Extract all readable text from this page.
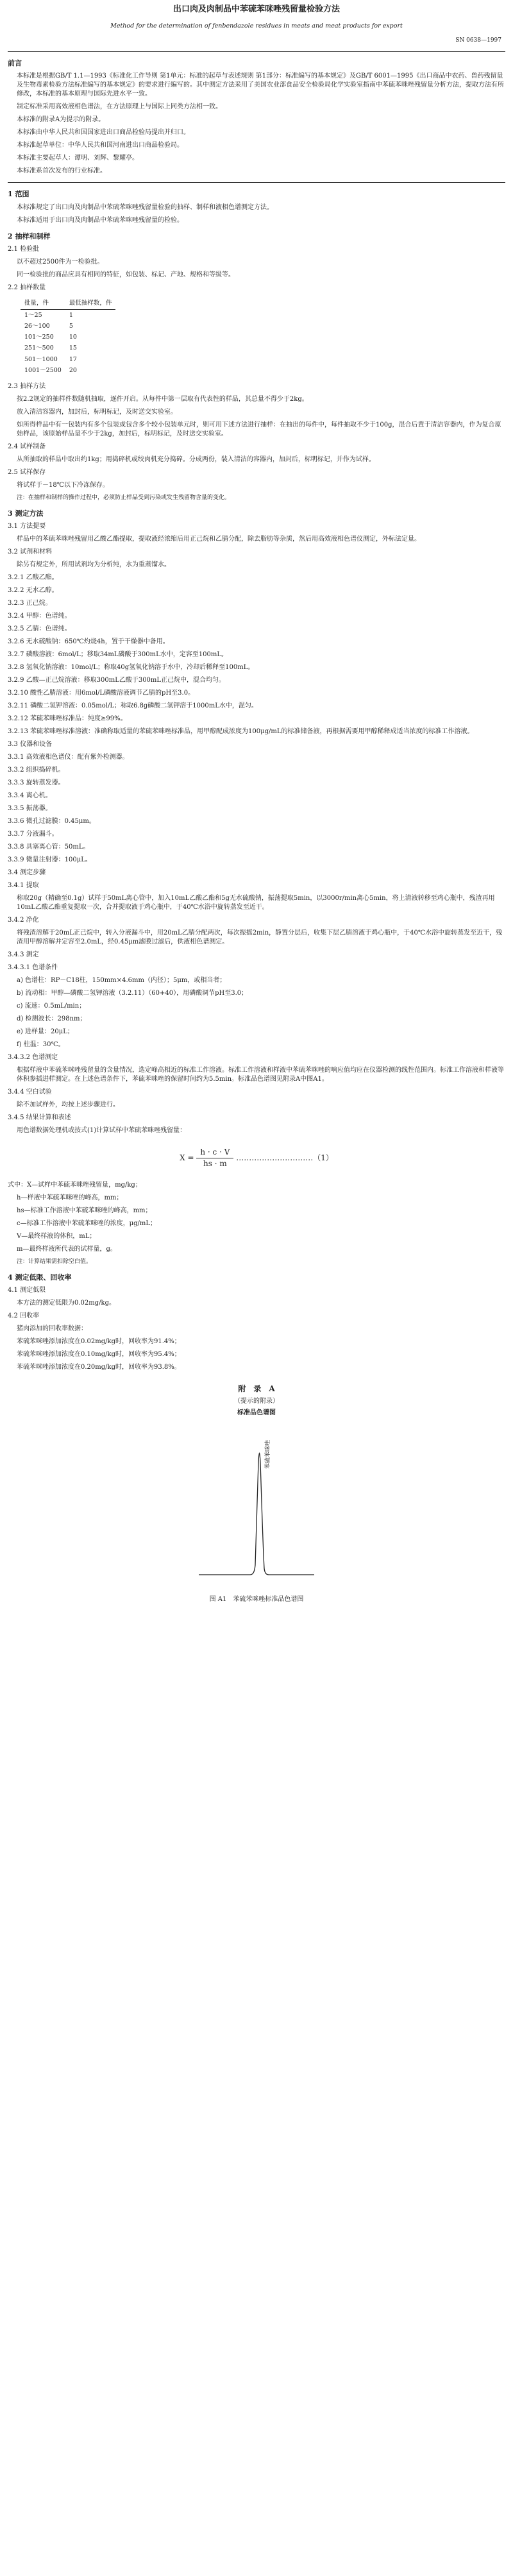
出口肉及肉制品中苯硫苯咪唑残留量检验方法
Method for the determination of fenbendazole residues in meats and meat products for export
SN 0638—1997
前言
本标准是根据GB/T 1.1—1993《标准化工作导则 第1单元：标准的起草与表述规则 第1部分：标准编写的基本规定》及GB/T 6001—1995《出口商品中农药、兽药残留量及生物毒素检验方法标准编写的基本规定》的要求进行编写的。其中测定方法采用了美国农业部食品安全检验局化学实验室指南中苯硫苯咪唑残留量分析方法，提取方法有所修改，本标准的基本原理与国际先进水平一致。
制定标准采用高效液相色谱法，在方法原理上与国际上同类方法相一致。
本标准的附录A为提示的附录。
本标准由中华人民共和国国家进出口商品检验局提出并归口。
本标准起草单位：中华人民共和国河南进出口商品检验局。
本标准主要起草人：谭明、刘辉、黎耀亭。
本标准系首次发布的行业标准。
1 范围
本标准规定了出口肉及肉制品中苯硫苯咪唑残留量检验的抽样、制样和液相色谱测定方法。
本标准适用于出口肉及肉制品中苯硫苯咪唑残留量的检验。
2 抽样和制样
2.1 检验批
以不超过2500件为一检验批。
同一检验批的商品应具有相同的特征，如包装、标记、产地、规格和等级等。
2.2 抽样数量
批量，件	最低抽样数，件
1～25	1
26～100	5
101～250	10
251～500	15
501～1000	17
1001～2500	20
2.3 抽样方法
按2.2规定的抽样件数随机抽取，逐件开启。从每件中第一层取有代表性的样品，其总量不得少于2kg。
放入清洁容器内，加封后，标明标记，及时送交实验室。
如所得样品中有一包装内有多个包装或包含多个较小包装单元时，则可用下述方法进行抽样：在抽出的每件中，每件抽取不少于100g，混合后置于清洁容器内，作为复合原始样品，该原始样品量不少于2kg，加封后，标明标记，及时送交实验室。
2.4 试样制备
从所抽取的样品中取出约1kg；用捣碎机或绞肉机充分捣碎。分成两份，装入清洁的容器内，加封后，标明标记，并作为试样。
2.5 试样保存
将试样于－18℃以下冷冻保存。
注：在抽样和制样的操作过程中，必须防止样品受到污染或发生残留物含量的变化。
3 测定方法
3.1 方法提要
样品中的苯硫苯咪唑残留用乙酸乙酯提取，提取液经浓缩后用正己烷和乙腈分配，除去脂肪等杂质，然后用高效液相色谱仪测定，外标法定量。
3.2 试剂和材料
除另有规定外，所用试剂均为分析纯，水为重蒸馏水。
3.2.1 乙酸乙酯。
3.2.2 无水乙醇。
3.2.3 正己烷。
3.2.4 甲醇：色谱纯。
3.2.5 乙腈：色谱纯。
3.2.6 无水硫酸钠：650℃灼烧4h，置于干燥器中备用。
3.2.7 磷酸溶液：6mol/L；移取34mL磷酸于300mL水中，定容至100mL。
3.2.8 氢氧化钠溶液：10mol/L；称取40g氢氧化钠溶于水中，冷却后稀释至100mL。
3.2.9 乙酸—正己烷溶液：移取300mL乙酸于300mL正己烷中，混合均匀。
3.2.10 酸性乙腈溶液：用6mol/L磷酸溶液调节乙腈的pH至3.0。
3.2.11 磷酸二氢钾溶液：0.05mol/L；称取6.8g磷酸二氢钾溶于1000mL水中，混匀。
3.2.12 苯硫苯咪唑标准品：纯度≥99%。
3.2.13 苯硫苯咪唑标准溶液：准确称取适量的苯硫苯咪唑标准品，用甲醇配成浓度为100μg/mL的标准储备液，再根据需要用甲醇稀释成适当浓度的标准工作溶液。
3.3 仪器和设备
3.3.1 高效液相色谱仪：配有紫外检测器。
3.3.2 组织捣碎机。
3.3.3 旋转蒸发器。
3.3.4 离心机。
3.3.5 振荡器。
3.3.6 微孔过滤膜：0.45μm。
3.3.7 分液漏斗。
3.3.8 具塞离心管：50mL。
3.3.9 微量注射器：100μL。
3.4 测定步骤
3.4.1 提取
称取20g（精确至0.1g）试样于50mL离心管中，加入10mL乙酸乙酯和5g无水硫酸钠，振荡提取5min，以3000r/min离心5min，将上清液转移至鸡心瓶中，残渣再用10mL乙酸乙酯重复提取一次，合并提取液于鸡心瓶中，于40℃水浴中旋转蒸发至近干。
3.4.2 净化
将残渣溶解于20mL正己烷中，转入分液漏斗中，用20mL乙腈分配两次，每次振摇2min，静置分层后，收集下层乙腈溶液于鸡心瓶中，于40℃水浴中旋转蒸发至近干，残渣用甲醇溶解并定容至2.0mL，经0.45μm滤膜过滤后，供液相色谱测定。
3.4.3 测定
3.4.3.1 色谱条件
a) 色谱柱：RP－C18柱，150mm×4.6mm（内径）；5μm，或相当者；
b) 流动相：甲醇—磷酸二氢钾溶液（3.2.11）（60+40），用磷酸调节pH至3.0；
c) 流速：0.5mL/min；
d) 检测波长：298nm；
e) 进样量：20μL；
f) 柱温：30℃。
3.4.3.2 色谱测定
根据样液中苯硫苯咪唑残留量的含量情况，选定峰高相近的标准工作溶液。标准工作溶液和样液中苯硫苯咪唑的响应值均应在仪器检测的线性范围内。标准工作溶液和样液等体积参插进样测定。在上述色谱条件下，苯硫苯咪唑的保留时间约为5.5min。标准品色谱图见附录A中图A1。
3.4.4 空白试验
除不加试样外，均按上述步骤进行。
3.4.5 结果计算和表述
用色谱数据处理机或按式(1)计算试样中苯硫苯咪唑残留量：
$X = \frac{h \cdot c \cdot V}{hs \cdot m}$ …………………………（1）
式中：X—试样中苯硫苯咪唑残留量，mg/kg；
h—样液中苯硫苯咪唑的峰高，mm；
hs—标准工作溶液中苯硫苯咪唑的峰高，mm；
c—标准工作溶液中苯硫苯咪唑的浓度，μg/mL；
V—最终样液的体积，mL；
m—最终样液所代表的试样量，g。
注：计算结果需扣除空白值。
4 测定低限、回收率
4.1 测定低限
本方法的测定低限为0.02mg/kg。
4.2 回收率
猪肉添加的回收率数据：
苯硫苯咪唑添加浓度在0.02mg/kg时，回收率为91.4%；
苯硫苯咪唑添加浓度在0.10mg/kg时，回收率为95.4%；
苯硫苯咪唑添加浓度在0.20mg/kg时，回收率为93.8%。
附　录　A
（提示的附录）
标准品色谱图
苯硫苯咪唑
图 A1　苯硫苯咪唑标准品色谱图
